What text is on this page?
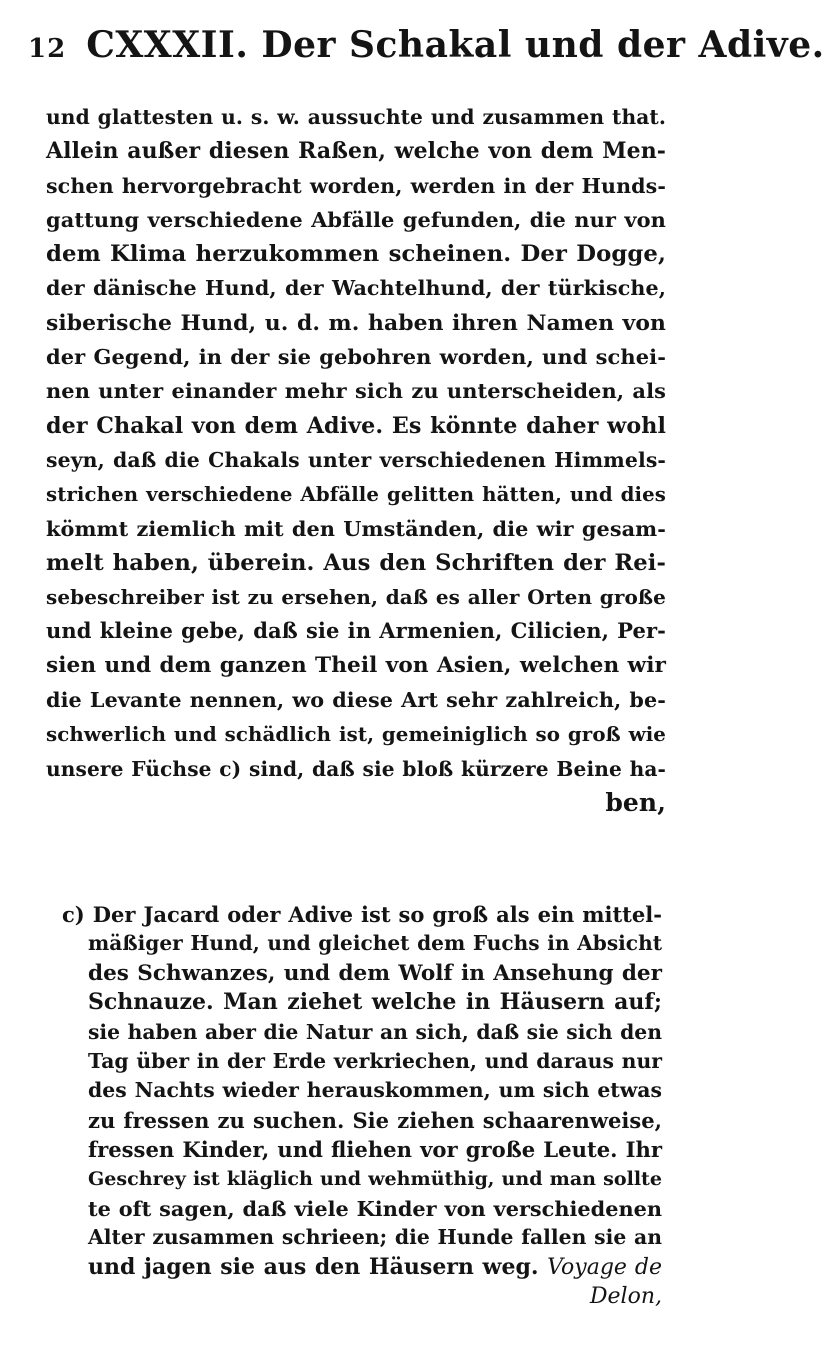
12 CXXXII. Der Schakal und der Adive.
und glattesten u. s. w. aussuchte und zusammen that.
Allein außer diesen Raßen, welche von dem Men-
schen hervorgebracht worden, werden in der Hunds-
gattung verschiedene Abfälle gefunden, die nur von
dem Klima herzukommen scheinen. Der Dogge,
der dänische Hund, der Wachtelhund, der türkische,
siberische Hund, u. d. m. haben ihren Namen von
der Gegend, in der sie gebohren worden, und schei-
nen unter einander mehr sich zu unterscheiden, als
der Chakal von dem Adive. Es könnte daher wohl
seyn, daß die Chakals unter verschiedenen Himmels-
strichen verschiedene Abfälle gelitten hätten, und dies
kömmt ziemlich mit den Umständen, die wir gesam-
melt haben, überein. Aus den Schriften der Rei-
sebeschreiber ist zu ersehen, daß es aller Orten große
und kleine gebe, daß sie in Armenien, Cilicien, Per-
sien und dem ganzen Theil von Asien, welchen wir
die Levante nennen, wo diese Art sehr zahlreich, be-
schwerlich und schädlich ist, gemeiniglich so groß wie
unsere Füchse c) sind, daß sie bloß kürzere Beine ha-
ben,
c) Der Jacard oder Adive ist so groß als ein mittel-
mäßiger Hund, und gleichet dem Fuchs in Absicht
des Schwanzes, und dem Wolf in Ansehung der
Schnauze. Man ziehet welche in Häusern auf;
sie haben aber die Natur an sich, daß sie sich den
Tag über in der Erde verkriechen, und daraus nur
des Nachts wieder herauskommen, um sich etwas
zu fressen zu suchen. Sie ziehen schaarenweise,
fressen Kinder, und fliehen vor große Leute. Ihr
Geschrey ist kläglich und wehmüthig, und man sollte
te oft sagen, daß viele Kinder von verschiedenen
Alter zusammen schrieen; die Hunde fallen sie an
und jagen sie aus den Häusern weg. Voyage de
Delon,
